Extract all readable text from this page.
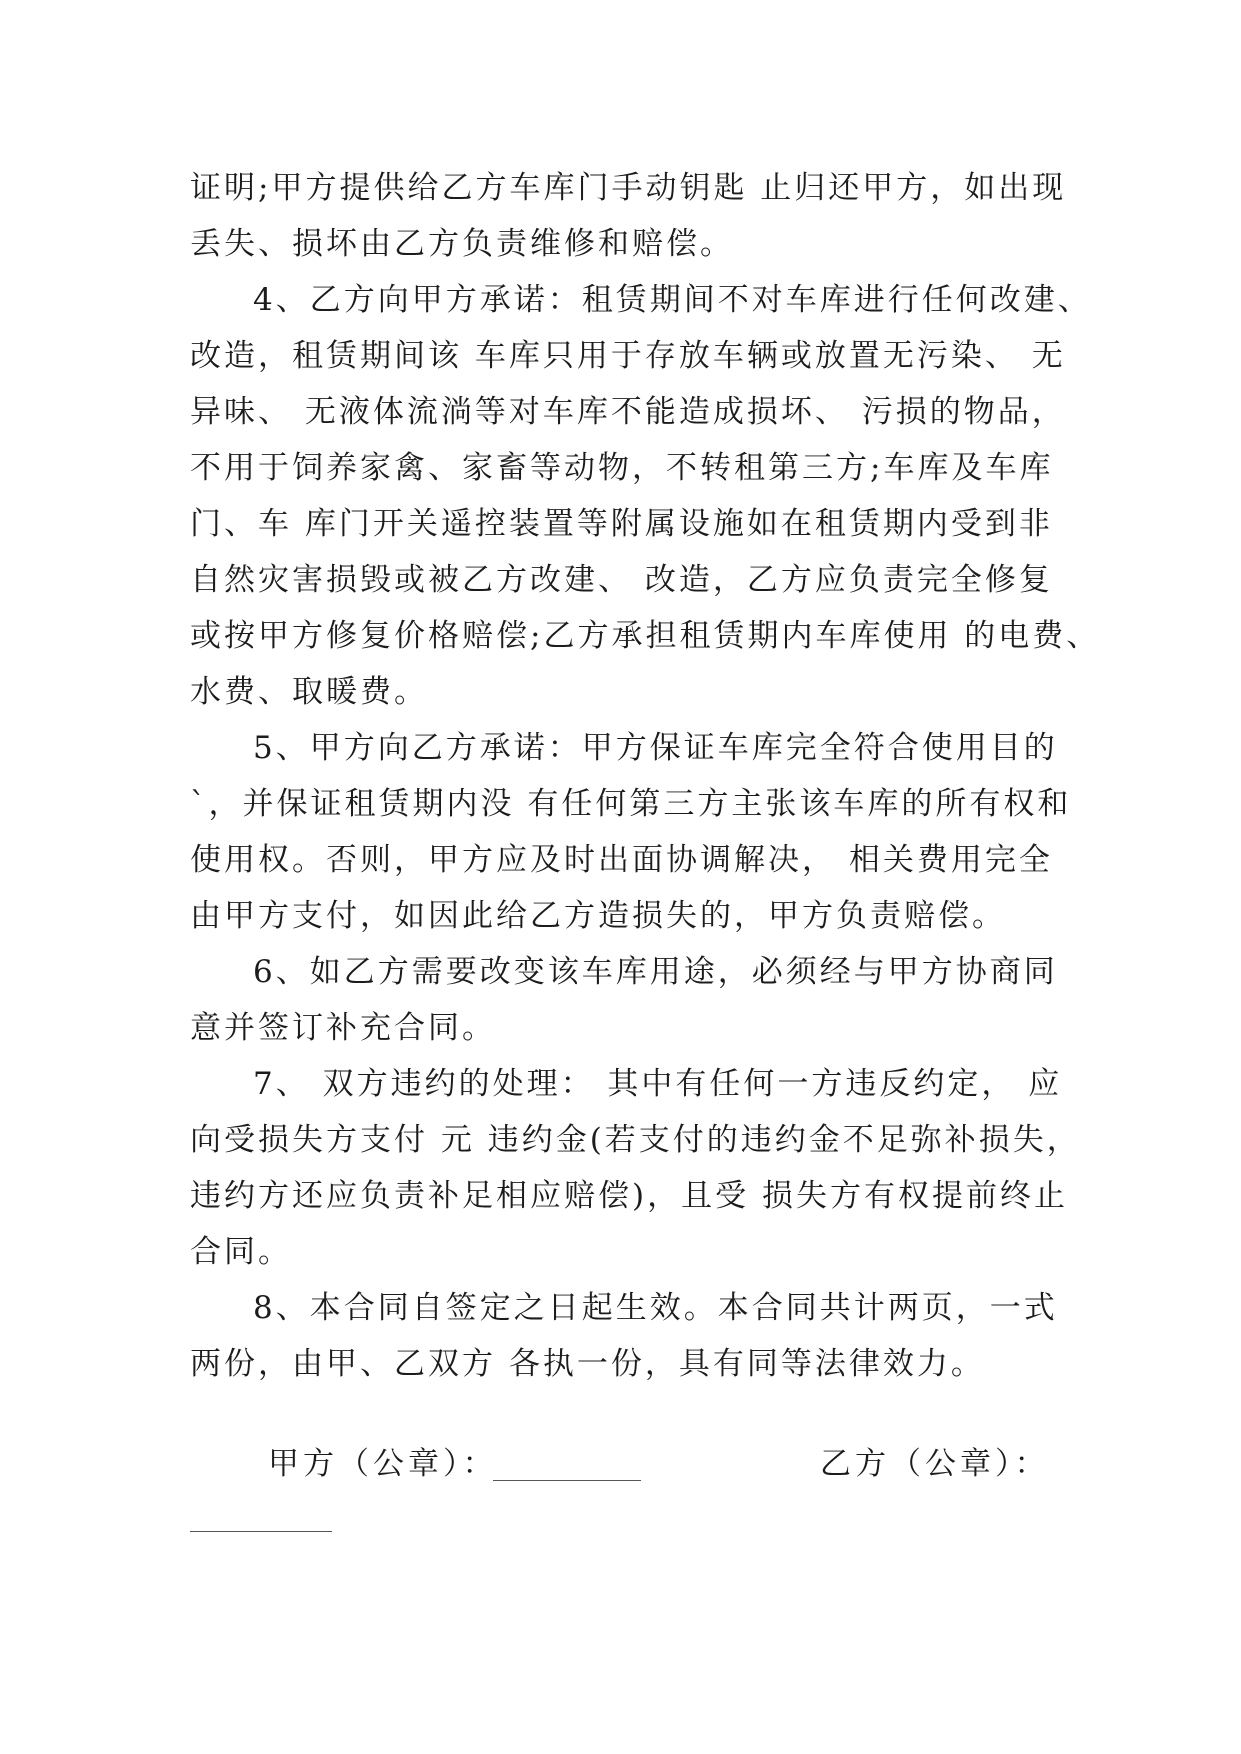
证明;甲方提供给乙方车库门手动钥匙 止归还甲方，如出现
丢失、损坏由乙方负责维修和赔偿。
4、乙方向甲方承诺：租赁期间不对车库进行任何改建、
改造，租赁期间该 车库只用于存放车辆或放置无污染、 无
异味、 无液体流淌等对车库不能造成损坏、 污损的物品，
不用于饲养家禽、家畜等动物，不转租第三方;车库及车库
门、车 库门开关遥控装置等附属设施如在租赁期内受到非
自然灾害损毁或被乙方改建、 改造，乙方应负责完全修复
或按甲方修复价格赔偿;乙方承担租赁期内车库使用 的电费、
水费、取暖费。
5、甲方向乙方承诺：甲方保证车库完全符合使用目的
`，并保证租赁期内没 有任何第三方主张该车库的所有权和
使用权。否则，甲方应及时出面协调解决， 相关费用完全
由甲方支付，如因此给乙方造损失的，甲方负责赔偿。
6、如乙方需要改变该车库用途，必须经与甲方协商同
意并签订补充合同。
7、 双方违约的处理： 其中有任何一方违反约定， 应
向受损失方支付 元 违约金(若支付的违约金不足弥补损失，
违约方还应负责补足相应赔偿)，且受 损失方有权提前终止
合同。
8、本合同自签定之日起生效。本合同共计两页，一式
两份，由甲、乙双方 各执一份，具有同等法律效力。
甲方（公章）：	乙方（公章）：
